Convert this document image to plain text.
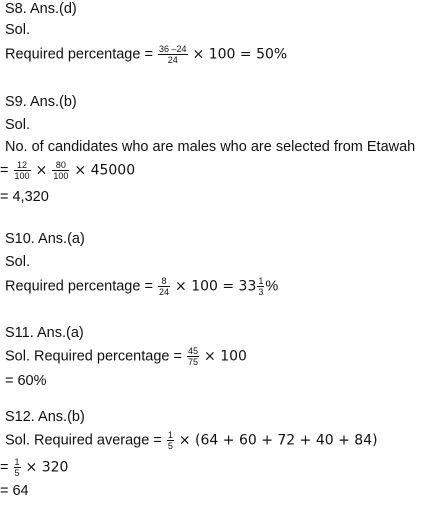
S8. Ans.(d)
Sol.
Required percentage = $\frac{36 -24}{24} \times 100 = 50\%$
S9. Ans.(b)
Sol.
No. of candidates who are males who are selected from Etawah
= $\frac{12}{100} \times \frac{80}{100} \times 45000$
= 4,320
S10. Ans.(a)
Sol.
Required percentage = $\frac{8}{24} \times 100 = 33 \frac{1}{3}$ %
S11. Ans.(a)
Sol. Required percentage = $\frac{45}{75} \times 100$
= 60%
S12. Ans.(b)
Sol. Required average = $\frac{1}{5} \times (64 + 60 + 72 + 40 + 84)$
= $\frac{1}{5} \times 320$
= 64
